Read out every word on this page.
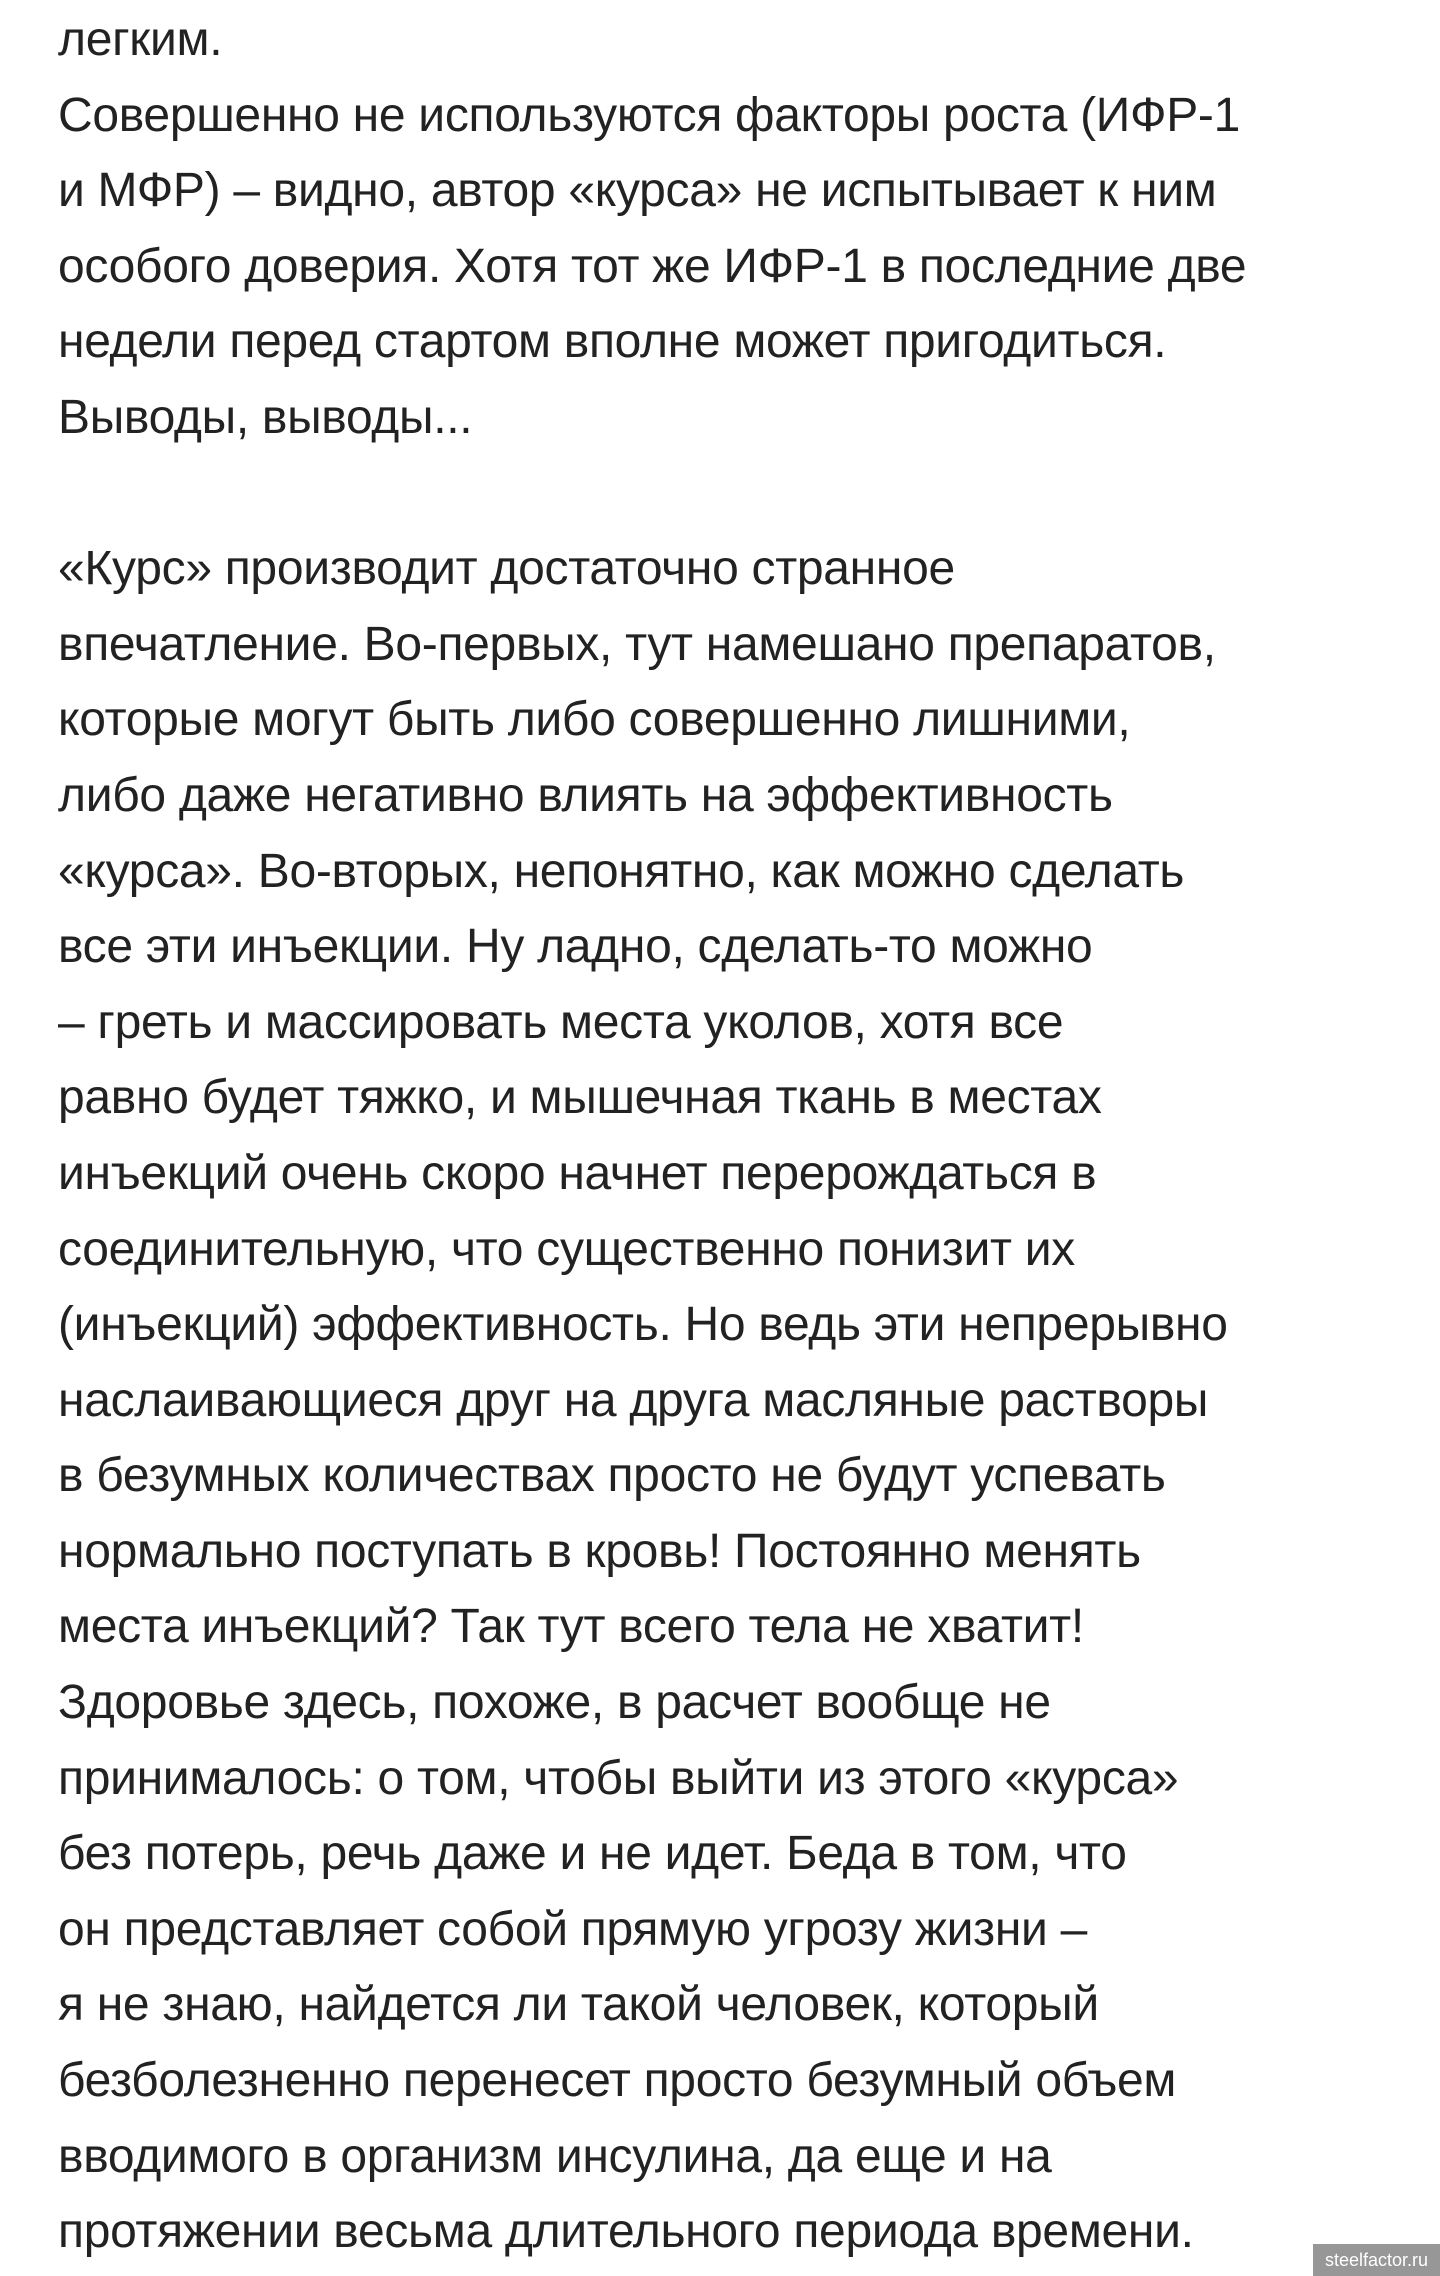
легким.
Совершенно не используются факторы роста (ИФР-1
и МФР) – видно, автор «курса» не испытывает к ним
особого доверия. Хотя тот же ИФР-1 в последние две
недели перед стартом вполне может пригодиться.
Выводы, выводы...
«Курс» производит достаточно странное
впечатление. Во-первых, тут намешано препаратов,
которые могут быть либо совершенно лишними,
либо даже негативно влиять на эффективность
«курса». Во-вторых, непонятно, как можно сделать
все эти инъекции. Ну ладно, сделать-то можно
– греть и массировать места уколов, хотя все
равно будет тяжко, и мышечная ткань в местах
инъекций очень скоро начнет перерождаться в
соединительную, что существенно понизит их
(инъекций) эффективность. Но ведь эти непрерывно
наслаивающиеся друг на друга масляные растворы
в безумных количествах просто не будут успевать
нормально поступать в кровь! Постоянно менять
места инъекций? Так тут всего тела не хватит!
Здоровье здесь, похоже, в расчет вообще не
принималось: о том, чтобы выйти из этого «курса»
без потерь, речь даже и не идет. Беда в том, что
он представляет собой прямую угрозу жизни –
я не знаю, найдется ли такой человек, который
безболезненно перенесет просто безумный объем
вводимого в организм инсулина, да еще и на
протяжении весьма длительного периода времени.
steelfactor.ru
